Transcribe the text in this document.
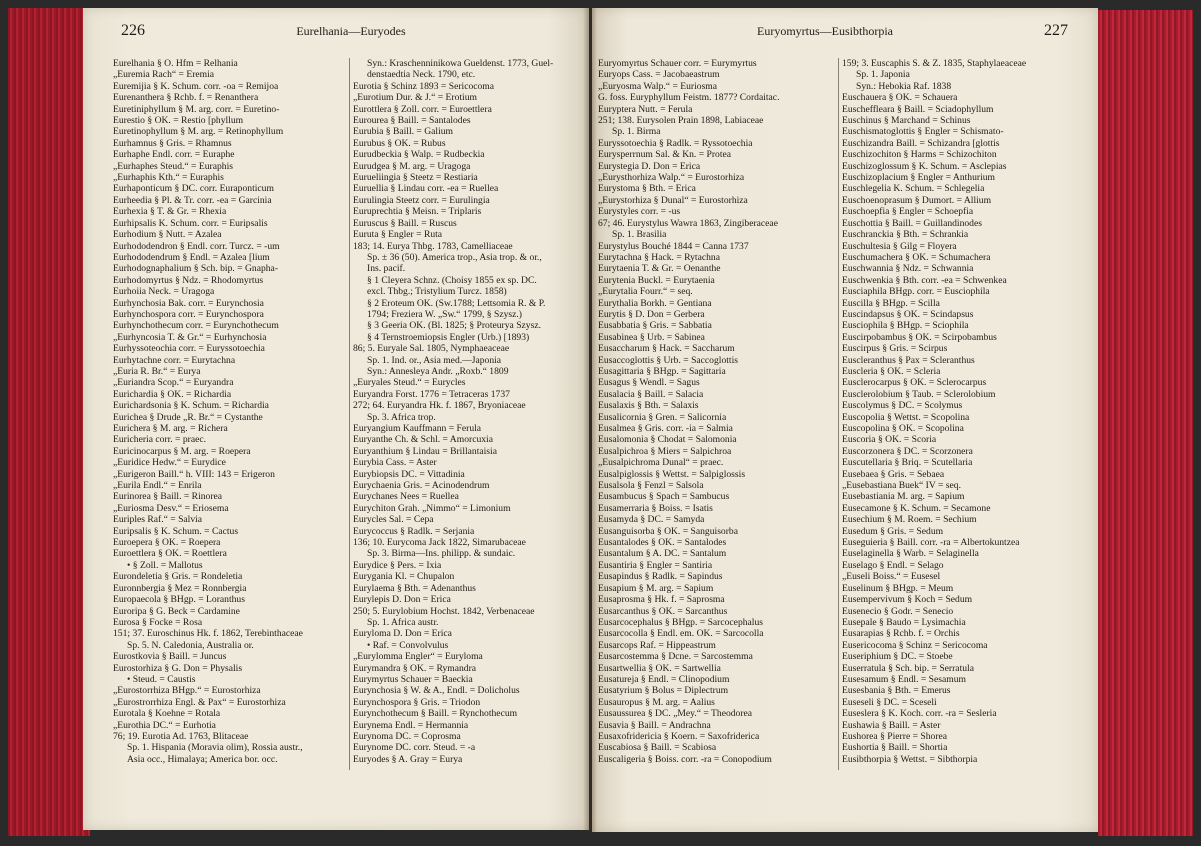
226	Eurelhania—Euryodes
Eurelhania § O. Hfm = Relhania
„Euremia Rach“ = Eremia
Euremijia § K. Schum. corr. -oa = Remijoa
Eurenanthera § Rchb. f. = Renanthera
Euretiniphyllum § M. arg. corr. = Euretino-
Eurestio § OK. = Restio [phyllum
Euretinophyllum § M. arg. = Retinophyllum
Eurhamnus § Gris. = Rhamnus
Eurhaphe Endl. corr. = Euraphe
„Eurhaphes Steud.“ = Euraphis
„Eurhaphis Kth.“ = Euraphis
Eurhaponticum § DC. corr. Euraponticum
Eurheedia § Pl. & Tr. corr. -ea = Garcinia
Eurhexia § T. & Gr. = Rhexia
Eurhipsalis K. Schum. corr. = Euripsalis
Eurhodium § Nutt. = Azalea
Eurhododendron § Endl. corr. Turcz. = -um
Eurhododendrum § Endl. = Azalea [lium
Eurhodognaphalium § Sch. bip. = Gnapha-
Eurhodomyrtus § Ndz. = Rhodomyrtus
Eurhoiia Neck. = Uragoga
Eurhynchosia Bak. corr. = Eurynchosia
Eurhynchospora corr. = Eurynchospora
Eurhynchothecum corr. = Eurynchothecum
„Eurhyncosia T. & Gr.“ = Eurhynchosia
Eurhyssoteochia corr. = Euryssotoechia
Eurhytachne corr. = Eurytachna
„Euria R. Br.“ = Eurya
„Euriandra Scop.“ = Euryandra
Eurichardia § OK. = Richardia
Eurichardsonia § K. Schum. = Richardia
Eurichea § Drude „R. Br.“ = Cystanthe
Eurichera § M. arg. = Richera
Euricheria corr. = praec.
Euricinocarpus § M. arg. = Roepera
„Euridice Hedw.“ = Eurydice
„Eurigeron Baill.“ h. VIII: 143 = Erigeron
„Eurila Endl.“ = Enrila
Eurinorea § Baill. = Rinorea
„Euriosma Desv.“ = Eriosema
Euriples Raf.“ = Salvia
Euripsalis § K. Schum. = Cactus
Euroepera § OK. = Roepera
Euroettlera § OK. = Roettlera
• § Zoll. = Mallotus
Eurondeletia § Gris. = Rondeletia
Euronnbergia § Mez = Ronnbergia
Europaecola § BHgp. = Loranthus
Euroripa § G. Beck = Cardamine
Eurosa § Focke = Rosa
151; 37. Euroschinus Hk. f. 1862, Terebinthaceae
Sp. 5. N. Caledonia, Australia or.
Eurostkovia § Baill. = Juncus
Eurostorhiza § G. Don = Physalis
• Steud. = Caustis
„Eurostorrhiza BHgp.“ = Eurostorhiza
„Eurostrorrhiza Engl. & Pax“ = Eurostorhiza
Eurotala § Koehne = Rotala
„Eurothia DC.“ = Eurhotia
76; 19. Eurotia Ad. 1763, Blitaceae
Sp. 1. Hispania (Moravia olim), Rossia austr.,
Asia occ., Himalaya; America bor. occ.
Syn.: Kraschenninikowa Gueldenst. 1773, Guel-
denstaedtia Neck. 1790, etc.
Eurotia § Schinz 1893 = Sericocoma
„Eurotium Dur. & J.“ = Erotium
Eurottlera § Zoll. corr. = Euroettlera
Eurourea § Baill. = Santalodes
Eurubia § Baill. = Galium
Eurubus § OK. = Rubus
Eurudbeckia § Walp. = Rudbeckia
Eurudgea § M. arg. = Uragoga
Eurueliingia § Steetz = Restiaria
Euruellia § Lindau corr. -ea = Ruellea
Eurulingia Steetz corr. = Eurulingia
Euruprechtia § Meisn. = Triplaris
Euruscus § Baill. = Ruscus
Euruta § Engler = Ruta
183; 14. Eurya Thbg. 1783, Camelliaceae
Sp. ± 36 (50). America trop., Asia trop. & or.,
Ins. pacif.
§ 1 Cleyera Schnz. (Choisy 1855 ex sp. DC.
excl. Thbg.; Tristylium Turcz. 1858)
§ 2 Eroteum OK. (Sw.1788; Lettsomia R. & P.
1794; Freziera W. „Sw.“ 1799, § Szysz.)
§ 3 Geeria OK. (Bl. 1825; § Proteurya Szysz.
§ 4 Ternstroemiopsis Engler (Urb.) [1893)
86; 5. Euryale Sal. 1805, Nymphaeaceae
Sp. 1. Ind. or., Asia med.—Japonia
Syn.: Annesleya Andr. „Roxb.“ 1809
„Euryales Steud.“ = Eurycles
Euryandra Forst. 1776 = Tetraceras 1737
272; 64. Euryandra Hk. f. 1867, Bryoniaceae
Sp. 3. Africa trop.
Euryangium Kauffmann = Ferula
Euryanthe Ch. & Schl. = Amorcuxia
Euryanthium § Lindau = Brillantaisia
Eurybia Cass. = Aster
Eurybiopsis DC. = Vittadinia
Eurychaenia Gris. = Acinodendrum
Eurychanes Nees = Ruellea
Eurychiton Grah. „Nimmo“ = Limonium
Eurycles Sal. = Cepa
Eurycoccus § Radlk. = Serjania
136; 10. Eurycoma Jack 1822, Simarubaceae
Sp. 3. Birma—Ins. philipp. & sundaic.
Eurydice § Pers. = Ixia
Eurygania Kl. = Chupalon
Eurylaema § Bth. = Adenanthus
Eurylepis D. Don = Erica
250; 5. Eurylobium Hochst. 1842, Verbenaceae
Sp. 1. Africa austr.
Euryloma D. Don = Erica
• Raf. = Convolvulus
„Eurylomma Engler“ = Euryloma
Eurymandra § OK. = Rymandra
Eurymyrtus Schauer = Baeckia
Eurynchosia § W. & A., Endl. = Dolicholus
Eurynchospora § Gris. = Triodon
Eurynchothecum § Baill. = Rynchothecum
Eurynema Endl. = Hermannia
Eurynoma DC. = Coprosma
Eurynome DC. corr. Steud. = -a
Euryodes § A. Gray = Eurya
Euryomyrtus—Eusibthorpia	227
Euryomyrtus Schauer corr. = Eurymyrtus
Euryops Cass. = Jacobaeastrum
„Euryosma Walp.“ = Euriosma
G. foss. Euryphyllum Feistm. 1877? Cordaitac.
Euryptera Nutt. = Ferula
251; 138. Eurysolen Prain 1898, Labiaceae
Sp. 1. Birma
Euryssotoechia § Radlk. = Ryssotoechia
Eurysperrnum Sal. & Kn. = Protea
Eurystegia D. Don = Erica
„Eurysthorhiza Walp.“ = Eurostorhiza
Eurystoma § Bth. = Erica
„Eurystorhiza § Dunal“ = Eurostorhiza
Eurystyles corr. = -us
67; 46. Eurystylus Wawra 1863, Zingiberaceae
Sp. 1. Brasilia
Eurystylus Bouché 1844 = Canna 1737
Eurytachna § Hack. = Rytachna
Eurytaenia T. & Gr. = Oenanthe
Eurytenia Buckl. = Eurytaenia
„Eurytalia Fourr.“ = seq.
Eurythalia Borkh. = Gentiana
Eurytis § D. Don = Gerbera
Eusabbatia § Gris. = Sabbatia
Eusabinea § Urb. = Sabinea
Eusaccharum § Hack. = Saccharum
Eusaccoglottis § Urb. = Saccoglottis
Eusagittaria § BHgp. = Sagittaria
Eusagus § Wendl. = Sagus
Eusalacia § Baill. = Salacia
Eusalaxis § Bth. = Salaxis
Eusalicornia § Gren. = Salicornia
Eusalmea § Gris. corr. -ia = Salmia
Eusalomonia § Chodat = Salomonia
Eusalpichroa § Miers = Salpichroa
„Eusalpichroma Dunal“ = praec.
Eusalpiglossis § Wettst. = Salpiglossis
Eusalsola § Fenzl = Salsola
Eusambucus § Spach = Sambucus
Eusamerraria § Boiss. = Isatis
Eusamyda § DC. = Samyda
Eusanguisorba § OK. = Sanguisorba
Eusantalodes § OK. = Santalodes
Eusantalum § A. DC. = Santalum
Eusantiria § Engler = Santiria
Eusapindus § Radlk. = Sapindus
Eusapium § M. arg. = Sapium
Eusaprosma § Hk. f. = Saprosma
Eusarcanthus § OK. = Sarcanthus
Eusarcocephalus § BHgp. = Sarcocephalus
Eusarcocolla § Endl. em. OK. = Sarcocolla
Eusarcops Raf. = Hippeastrum
Eusarcostemma § Dcne. = Sarcostemma
Eusartwellia § OK. = Sartwellia
Eusatureja § Endl. = Clinopodium
Eusatyrium § Bolus = Diplectrum
Eusauropus § M. arg. = Aalius
Eusaussurea § DC. „Mey.“ = Theodorea
Eusavia § Baill. = Andrachna
Eusaxofridericia § Koern. = Saxofriderica
Euscabiosa § Baill. = Scabiosa
Euscaligeria § Boiss. corr. -ra = Conopodium
159; 3. Euscaphis S. & Z. 1835, Staphylaeaceae
Sp. 1. Japonia
Syn.: Hebokia Raf. 1838
Euschauera § OK. = Schauera
Euscheffleara § Baill. = Sciadophyllum
Euschinus § Marchand = Schinus
Euschismatoglottis § Engler = Schismato-
Euschizandra Baill. = Schizandra [glottis
Euschizochiton § Harms = Schizochiton
Euschizoglossum § K. Schum. = Asclepias
Euschizoplacium § Engler = Anthurium
Euschlegelia K. Schum. = Schlegelia
Euschoenoprasum § Dumort. = Allium
Euschoepfia § Engler = Schoepfia
Euschottia § Baill. = Guillandinodes
Euschranckia § Bth. = Schrankia
Euschultesia § Gilg = Floyera
Euschumachera § OK. = Schumachera
Euschwannia § Ndz. = Schwannia
Euschwenkia § Bth. corr. -ea = Schwenkea
Eusciaphila BHgp. corr. = Eusciophila
Euscilla § BHgp. = Scilla
Euscindapsus § OK. = Scindapsus
Eusciophila § BHgp. = Sciophila
Euscirpobambus § OK. = Scirpobambus
Euscirpus § Gris. = Scirpus
Euscleranthus § Pax = Scleranthus
Euscleria § OK. = Scleria
Eusclerocarpus § OK. = Sclerocarpus
Eusclerolobium § Taub. = Sclerolobium
Euscolymus § DC. = Scolymus
Euscopolia § Wettst. = Scopolina
Euscopolina § OK. = Scopolina
Euscoria § OK. = Scoria
Euscorzonera § DC. = Scorzonera
Euscutellaria § Briq. = Scutellaria
Eusebaea § Gris. = Sebaea
„Eusebastiana Buek“ IV = seq.
Eusebastiania M. arg. = Sapium
Eusecamone § K. Schum. = Secamone
Eusechium § M. Roem. = Sechium
Eusedum § Gris. = Sedum
Euseguieria § Baill. corr. -ra = Albertokuntzea
Euselaginella § Warb. = Selaginella
Euselago § Endl. = Selago
„Euseli Boiss.“ = Eusesel
Euselinum § BHgp. = Meum
Eusempervivum § Koch = Sedum
Eusenecio § Godr. = Senecio
Eusepale § Baudo = Lysimachia
Eusarapias § Rchb. f. = Orchis
Eusericocoma § Schinz = Sericocoma
Euseriphium § DC. = Stoebe
Euserratula § Sch. bip. = Serratula
Eusesamum § Endl. = Sesamum
Eusesbania § Bth. = Emerus
Euseseli § DC. = Sceseli
Euseslera § K. Koch. corr. -ra = Sesleria
Eushawia § Baill. = Aster
Eushorea § Pierre = Shorea
Eushortia § Baill. = Shortia
Eusibthorpia § Wettst. = Sibthorpia
